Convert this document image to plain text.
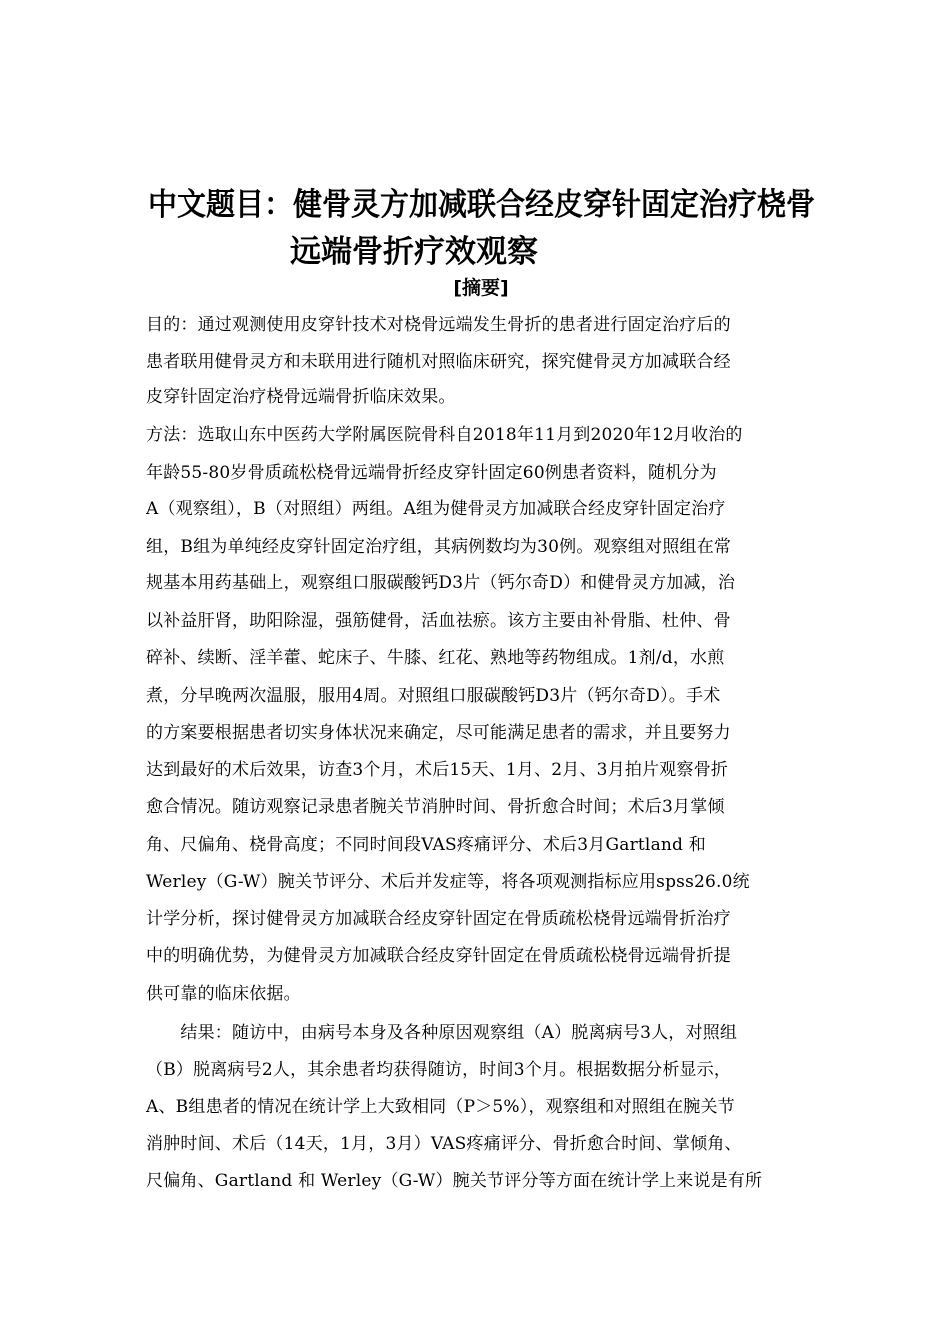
中文题目：健骨灵方加减联合经皮穿针固定治疗桡骨
远端骨折疗效观察
[摘要]
目的：通过观测使用皮穿针技术对桡骨远端发生骨折的患者进行固定治疗后的
患者联用健骨灵方和未联用进行随机对照临床研究，探究健骨灵方加减联合经
皮穿针固定治疗桡骨远端骨折临床效果。
方法：选取山东中医药大学附属医院骨科自2018年11月到2020年12月收治的
年龄55-80岁骨质疏松桡骨远端骨折经皮穿针固定60例患者资料，随机分为
A（观察组），B（对照组）两组。A组为健骨灵方加减联合经皮穿针固定治疗
组，B组为单纯经皮穿针固定治疗组，其病例数均为30例。观察组对照组在常
规基本用药基础上，观察组口服碳酸钙D3片（钙尔奇D）和健骨灵方加减，治
以补益肝肾，助阳除湿，强筋健骨，活血祛瘀。该方主要由补骨脂、杜仲、骨
碎补、续断、淫羊藿、蛇床子、牛膝、红花、熟地等药物组成。1剂/d，水煎
煮，分早晚两次温服，服用4周。对照组口服碳酸钙D3片（钙尔奇D）。手术
的方案要根据患者切实身体状况来确定，尽可能满足患者的需求，并且要努力
达到最好的术后效果，访查3个月，术后15天、1月、2月、3月拍片观察骨折
愈合情况。随访观察记录患者腕关节消肿时间、骨折愈合时间；术后3月掌倾
角、尺偏角、桡骨高度；不同时间段VAS疼痛评分、术后3月Gartland 和
Werley（G-W）腕关节评分、术后并发症等，将各项观测指标应用spss26.0统
计学分析，探讨健骨灵方加减联合经皮穿针固定在骨质疏松桡骨远端骨折治疗
中的明确优势，为健骨灵方加减联合经皮穿针固定在骨质疏松桡骨远端骨折提
供可靠的临床依据。
　　结果：随访中，由病号本身及各种原因观察组（A）脱离病号3人，对照组
（B）脱离病号2人，其余患者均获得随访，时间3个月。根据数据分析显示，
A、B组患者的情况在统计学上大致相同（P＞5%），观察组和对照组在腕关节
消肿时间、术后（14天，1月，3月）VAS疼痛评分、骨折愈合时间、掌倾角、
尺偏角、Gartland 和 Werley（G-W）腕关节评分等方面在统计学上来说是有所
